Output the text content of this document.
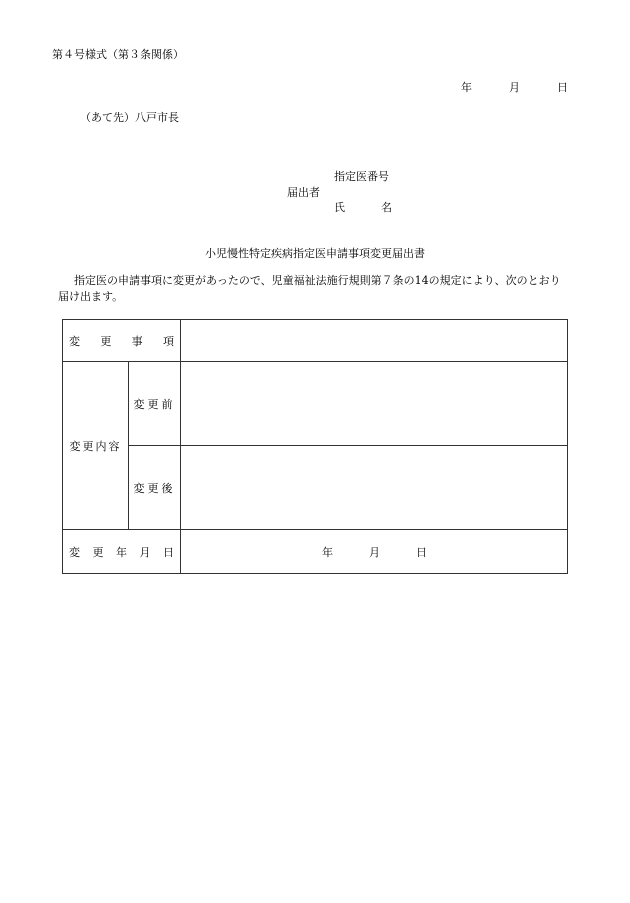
第４号様式（第３条関係）
年	月	日
（あて先）八戸市長
指定医番号
届出者
氏	名
小児慢性特定疾病指定医申請事項変更届出書
指定医の申請事項に変更があったので、児童福祉法施行規則第７条の14の規定により、次のとおり届け出ます。
変 更 事 項		

変更内容	変更前	
	変更後	

変 更 年 月 日		年 月 日
